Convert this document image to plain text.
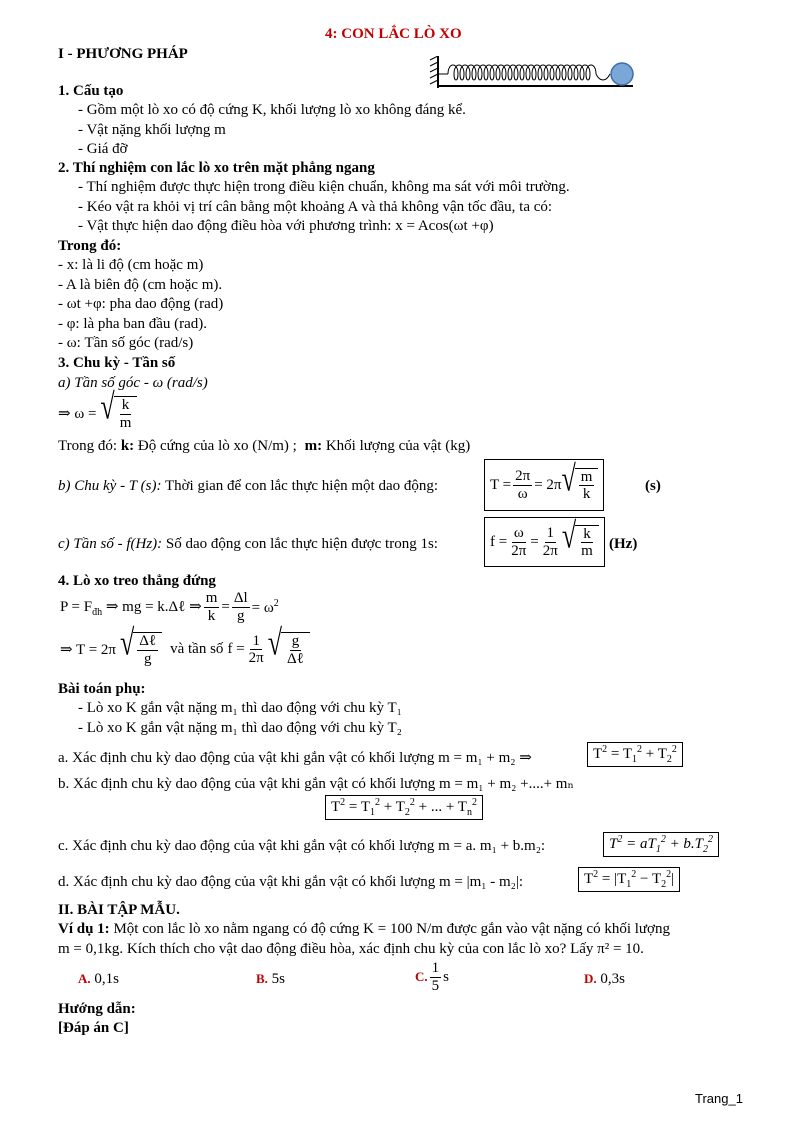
4: CON LẮC LÒ XO
I - PHƯƠNG PHÁP
1. Cấu tạo
- Gồm một lò xo có độ cứng K, khối lượng lò xo không đáng kể.
- Vật nặng khối lượng m
- Giá đỡ
2. Thí nghiệm con lắc lò xo trên mặt phẳng ngang
- Thí nghiệm được thực hiện trong điều kiện chuẩn, không ma sát với môi trường.
- Kéo vật ra khỏi vị trí cân bằng một khoảng A và thả không vận tốc đầu, ta có:
- Vật thực hiện dao động điều hòa với phương trình: x = Acos(ωt +φ)
Trong đó:
- x: là li độ (cm hoặc m)
- A là biên độ (cm hoặc m).
- ωt +φ: pha dao động (rad)
- φ: là pha ban đầu (rad).
- ω: Tần số góc (rad/s)
3. Chu kỳ - Tần số
a) Tần số góc - ω (rad/s)
⇒ ω = √ $\frac{k}{m}$
Trong đó: k: Độ cứng của lò xo (N/m) ; m: Khối lượng của vật (kg)
b) Chu kỳ - T (s): Thời gian để con lắc thực hiện một dao động:	$T = \frac{2\pi}{\omega} = 2\pi$ √ $\frac{m}{k}$	(s)
c) Tần số - f(Hz): Số dao động con lắc thực hiện được trong 1s:	$f = \frac{\omega}{2\pi} = \frac{1}{2\pi}$ √ $\frac{k}{m} (Hz)$
4. Lò xo treo thẳng đứng
$P = F_{đh}$ ⇒ mg = k.Δℓ ⇒ $\frac{m}{k} = \frac{\Delta l}{g} = \omega^2$
⇒ T = 2π √ $\frac{\text{Δℓ}}{g}$ và tần số $f = \frac{1}{2\pi}$ √ $\frac{g}{\text{Δℓ}}$
Bài toán phụ:
- Lò xo K gắn vật nặng m₁ thì dao động với chu kỳ T₁
- Lò xo K gắn vật nặng m₁ thì dao động với chu kỳ T₂
a. Xác định chu kỳ dao động của vật khi gắn vật có khối lượng m = m₁ + m₂ ⇒	$T^2 = T_1^2 + T_2^2$
b. Xác định chu kỳ dao động của vật khi gắn vật có khối lượng m = m₁ + m₂ +....+ mₙ
$T^2 = T_1^2 + T_2^2$ + ... + $T_n^2$
c. Xác định chu kỳ dao động của vật khi gắn vật có khối lượng m = a. m₁ + b.m₂:	$T^2 = aT_1^2 + b.T_2^2$
d. Xác định chu kỳ dao động của vật khi gắn vật có khối lượng m = |m₁ - m₂|:	$T^2 = |T_1^2 - T_2^2|$
II. BÀI TẬP MẪU.
Ví dụ 1: Một con lắc lò xo nằm ngang có độ cứng K = 100 N/m được gắn vào vật nặng có khối lượng
m = 0,1kg. Kích thích cho vật dao động điều hòa, xác định chu kỳ của con lắc lò xo? Lấy π² = 10.
A. 0,1s	B. 5s	C. $\frac{1}{5}$ s	D. 0,3s
Hướng dẫn:
[Đáp án C]
Trang_1
